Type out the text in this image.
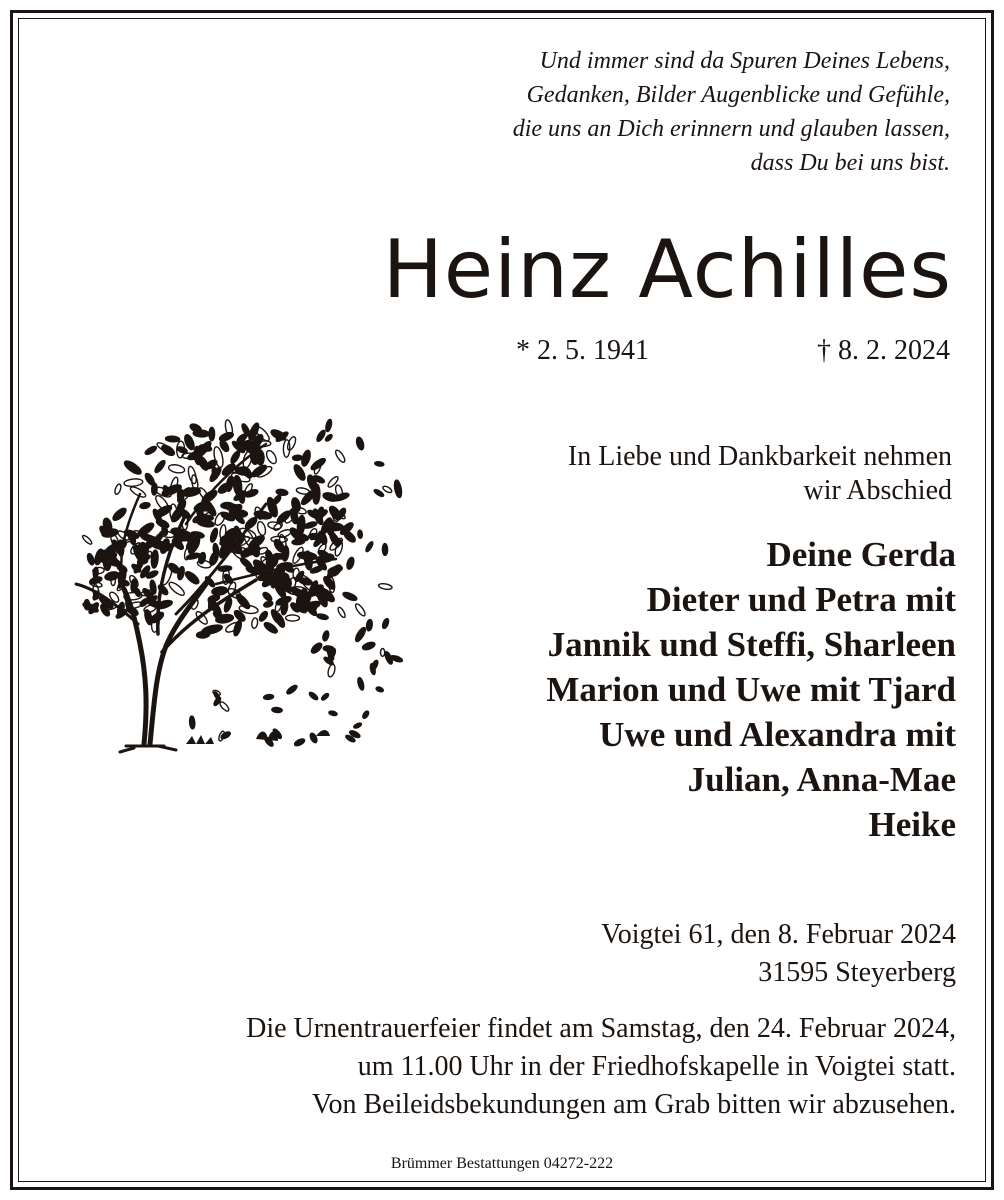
Und immer sind da Spuren Deines Lebens,
Gedanken, Bilder Augenblicke und Gefühle,
die uns an Dich erinnern und glauben lassen,
dass Du bei uns bist.
Heinz Achilles
* 2. 5. 1941	† 8. 2. 2024
In Liebe und Dankbarkeit nehmen
wir Abschied
Deine Gerda
Dieter und Petra mit
Jannik und Steffi, Sharleen
Marion und Uwe mit Tjard
Uwe und Alexandra mit
Julian, Anna-Mae
Heike
Voigtei 61, den 8. Februar 2024
31595 Steyerberg
Die Urnentrauerfeier findet am Samstag, den 24. Februar 2024,
um 11.00 Uhr in der Friedhofskapelle in Voigtei statt.
Von Beileidsbekundungen am Grab bitten wir abzusehen.
Brümmer Bestattungen 04272-222
